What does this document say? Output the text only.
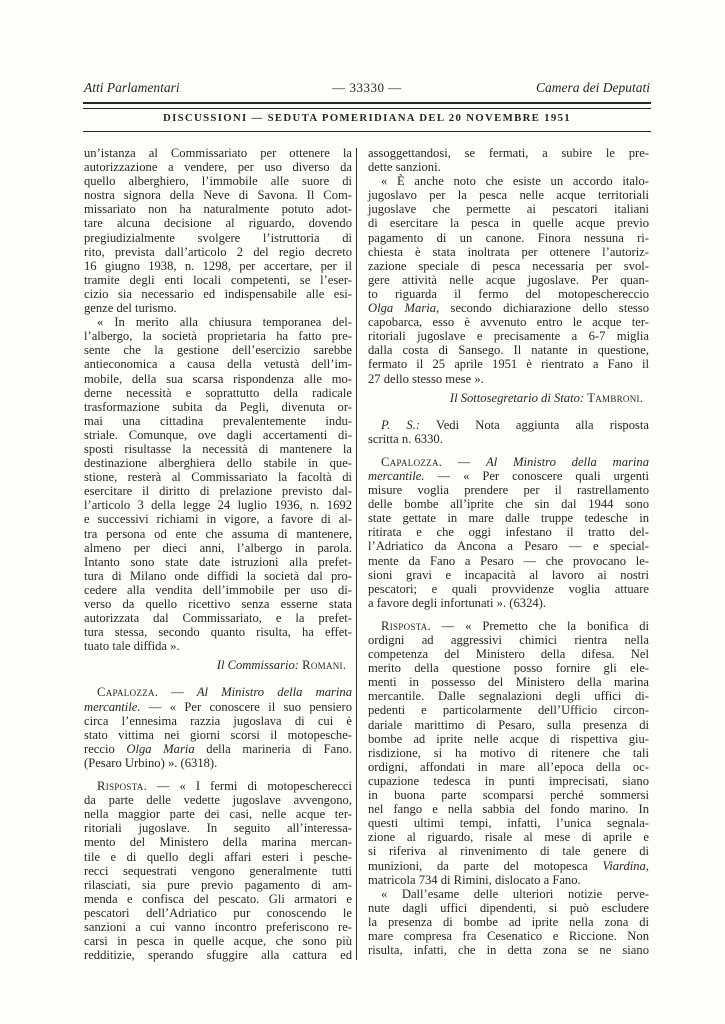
Atti Parlamentari	— 33330 —	Camera dei Deputati
DISCUSSIONI — SEDUTA POMERIDIANA DEL 20 NOVEMBRE 1951
un’istanza al Commissariato per ottenere la
autorizzazione a vendere, per uso diverso da
quello alberghiero, l’immobile alle suore di
nostra signora della Neve di Savona. Il Com-
missariato non ha naturalmente potuto adot-
tare alcuna decisione al riguardo, dovendo
pregiudizialmente svolgere l’istruttoria di
rito, prevista dall’articolo 2 del regio decreto
16 giugno 1938, n. 1298, per accertare, per il
tramite degli enti locali competenti, se l’eser-
cizio sia necessario ed indispensabile alle esi-
genze del turismo.
« In merito alla chiusura temporanea del-
l’albergo, la società proprietaria ha fatto pre-
sente che la gestione dell’esercizio sarebbe
antieconomica a causa della vetustà dell’im-
mobile, della sua scarsa rispondenza alle mo-
derne necessità e soprattutto della radicale
trasformazione subita da Pegli, divenuta or-
mai una cittadina prevalentemente indu-
striale. Comunque, ove dagli accertamenti di-
sposti risultasse la necessità di mantenere la
destinazione alberghiera dello stabile in que-
stione, resterà al Commissariato la facoltà di
esercitare il diritto di prelazione previsto dal-
l’articolo 3 della legge 24 luglio 1936, n. 1692
e successivi richiami in vigore, a favore di al-
tra persona od ente che assuma di mantenere,
almeno per dieci anni, l’albergo in parola.
Intanto sono state date istruzioni alla prefet-
tura di Milano onde diffidi la società dal pro-
cedere alla vendita dell’immobile per uso di-
verso da quello ricettivo senza esserne stata
autorizzata dal Commissariato, e la prefet-
tura stessa, secondo quanto risulta, ha effet-
tuato tale diffida ».
Il Commissario: Romani.
Capalozza. — Al Ministro della marina
mercantile. — « Per conoscere il suo pensiero
circa l’ennesima razzia jugoslava di cui è
stato vittima nei giorni scorsi il motopesche-
reccio Olga Maria della marineria di Fano.
(Pesaro Urbino) ». (6318).
Risposta. — « I fermi di motopescherecci
da parte delle vedette jugoslave avvengono,
nella maggior parte dei casi, nelle acque ter-
ritoriali jugoslave. In seguito all’interessa-
mento del Ministero della marina mercan-
tile e di quello degli affari esteri i pesche-
recci sequestrati vengono generalmente tutti
rilasciati, sia pure previo pagamento di am-
menda e confisca del pescato. Gli armatori e
pescatori dell’Adriatico pur conoscendo le
sanzioni a cui vanno incontro preferiscono re-
carsi in pesca in quelle acque, che sono più
redditizie, sperando sfuggire alla cattura ed
assoggettandosi, se fermati, a subire le pre-
dette sanzioni.
« È anche noto che esiste un accordo italo-
jugoslavo per la pesca nelle acque territoriali
jugoslave che permette ai pescatori italiani
di esercitare la pesca in quelle acque previo
pagamento di un canone. Finora nessuna ri-
chiesta è stata inoltrata per ottenere l’autoriz-
zazione speciale di pesca necessaria per svol-
gere attività nelle acque jugoslave. Per quan-
to riguarda il fermo del motopeschereccio
Olga Maria, secondo dichiarazione dello stesso
capobarca, esso è avvenuto entro le acque ter-
ritoriali jugoslave e precisamente a 6-7 miglia
dalla costa di Sansego. Il natante in questione,
fermato il 25 aprile 1951 è rientrato a Fano il
27 dello stesso mese ».
Il Sottosegretario di Stato: Tambroni.
P. S.: Vedi Nota aggiunta alla risposta
scritta n. 6330.
Capalozza. — Al Ministro della marina
mercantile. — « Per conoscere quali urgenti
misure voglia prendere per il rastrellamento
delle bombe all’iprite che sin dal 1944 sono
state gettate in mare dalle truppe tedesche in
ritirata e che oggi infestano il tratto del-
l’Adriatico da Ancona a Pesaro — e special-
mente da Fano a Pesaro — che provocano le-
sioni gravi e incapacità al lavoro ai nostri
pescatori; e quali provvidenze voglia attuare
a favore degli infortunati ». (6324).
Risposta. — « Premetto che la bonifica di
ordigni ad aggressivi chimici rientra nella
competenza del Ministero della difesa. Nel
merito della questione posso fornire gli ele-
menti in possesso del Ministero della marina
mercantile. Dalle segnalazioni degli uffici di-
pedenti e particolarmente dell’Ufficio circon-
dariale marittimo di Pesaro, sulla presenza di
bombe ad iprite nelle acque di rispettiva giu-
risdizione, si ha motivo di ritenere che tali
ordigni, affondati in mare all’epoca della oc-
cupazione tedesca in punti imprecisati, siano
in buona parte scomparsi perché sommersi
nel fango e nella sabbia del fondo marino. In
questi ultimi tempi, infatti, l’unica segnala-
zione al riguardo, risale al mese di aprile e
si riferiva al rinvenimento di tale genere di
munizioni, da parte del motopesca Viardina,
matricola 734 di Rimini, dislocato a Fano.
« Dall’esame delle ulteriori notizie perve-
nute dagli uffici dipendenti, si può escludere
la presenza di bombe ad iprite nella zona di
mare compresa fra Cesenatico e Riccione. Non
risulta, infatti, che in detta zona se ne siano
